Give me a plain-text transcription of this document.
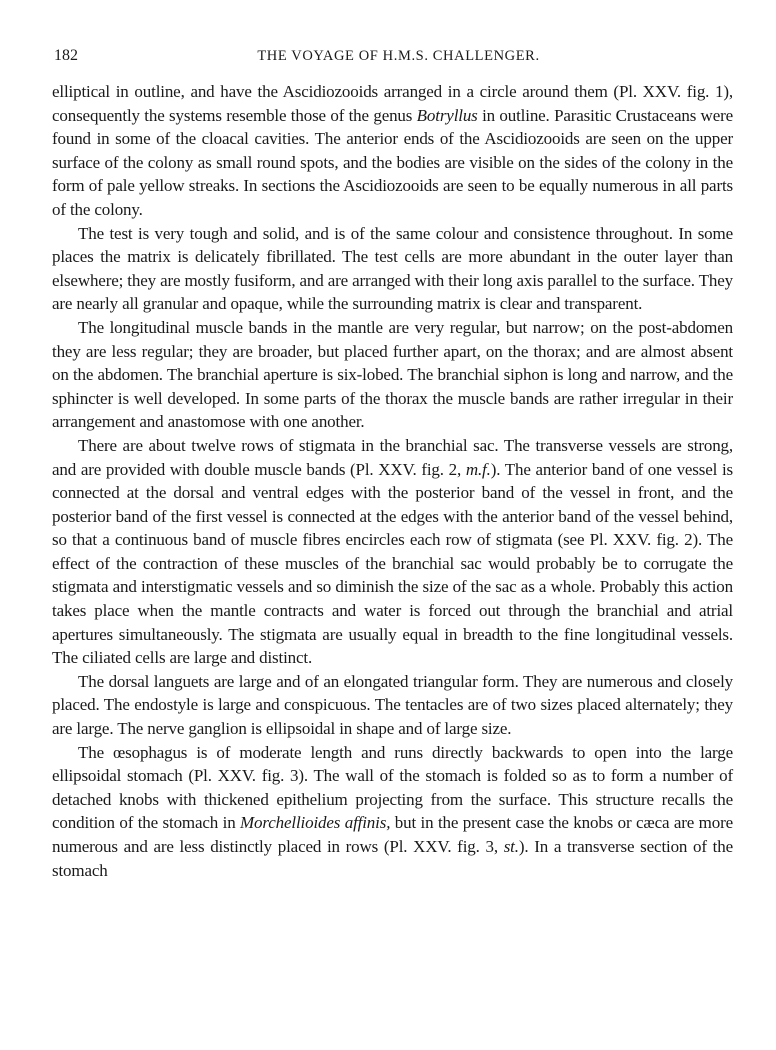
182	THE VOYAGE OF H.M.S. CHALLENGER.

elliptical in outline, and have the Ascidiozooids arranged in a circle around them (Pl. XXV. fig. 1), consequently the systems resemble those of the genus Botryllus in outline. Parasitic Crustaceans were found in some of the cloacal cavities. The anterior ends of the Ascidiozooids are seen on the upper surface of the colony as small round spots, and the bodies are visible on the sides of the colony in the form of pale yellow streaks. In sections the Ascidiozooids are seen to be equally numerous in all parts of the colony.

The test is very tough and solid, and is of the same colour and consistence throughout. In some places the matrix is delicately fibrillated. The test cells are more abundant in the outer layer than elsewhere; they are mostly fusiform, and are arranged with their long axis parallel to the surface. They are nearly all granular and opaque, while the surrounding matrix is clear and transparent.

The longitudinal muscle bands in the mantle are very regular, but narrow; on the post-abdomen they are less regular; they are broader, but placed further apart, on the thorax; and are almost absent on the abdomen. The branchial aperture is six-lobed. The branchial siphon is long and narrow, and the sphincter is well developed. In some parts of the thorax the muscle bands are rather irregular in their arrangement and anastomose with one another.

There are about twelve rows of stigmata in the branchial sac. The transverse vessels are strong, and are provided with double muscle bands (Pl. XXV. fig. 2, m.f.). The anterior band of one vessel is connected at the dorsal and ventral edges with the posterior band of the vessel in front, and the posterior band of the first vessel is connected at the edges with the anterior band of the vessel behind, so that a continuous band of muscle fibres encircles each row of stigmata (see Pl. XXV. fig. 2). The effect of the contraction of these muscles of the branchial sac would probably be to corrugate the stigmata and interstigmatic vessels and so diminish the size of the sac as a whole. Probably this action takes place when the mantle contracts and water is forced out through the branchial and atrial apertures simultaneously. The stigmata are usually equal in breadth to the fine longitudinal vessels. The ciliated cells are large and distinct.

The dorsal languets are large and of an elongated triangular form. They are numerous and closely placed. The endostyle is large and conspicuous. The tentacles are of two sizes placed alternately; they are large. The nerve ganglion is ellipsoidal in shape and of large size.

The œsophagus is of moderate length and runs directly backwards to open into the large ellipsoidal stomach (Pl. XXV. fig. 3). The wall of the stomach is folded so as to form a number of detached knobs with thickened epithelium projecting from the surface. This structure recalls the condition of the stomach in Morchellioides affinis, but in the present case the knobs or cæca are more numerous and are less distinctly placed in rows (Pl. XXV. fig. 3, st.). In a transverse section of the stomach
